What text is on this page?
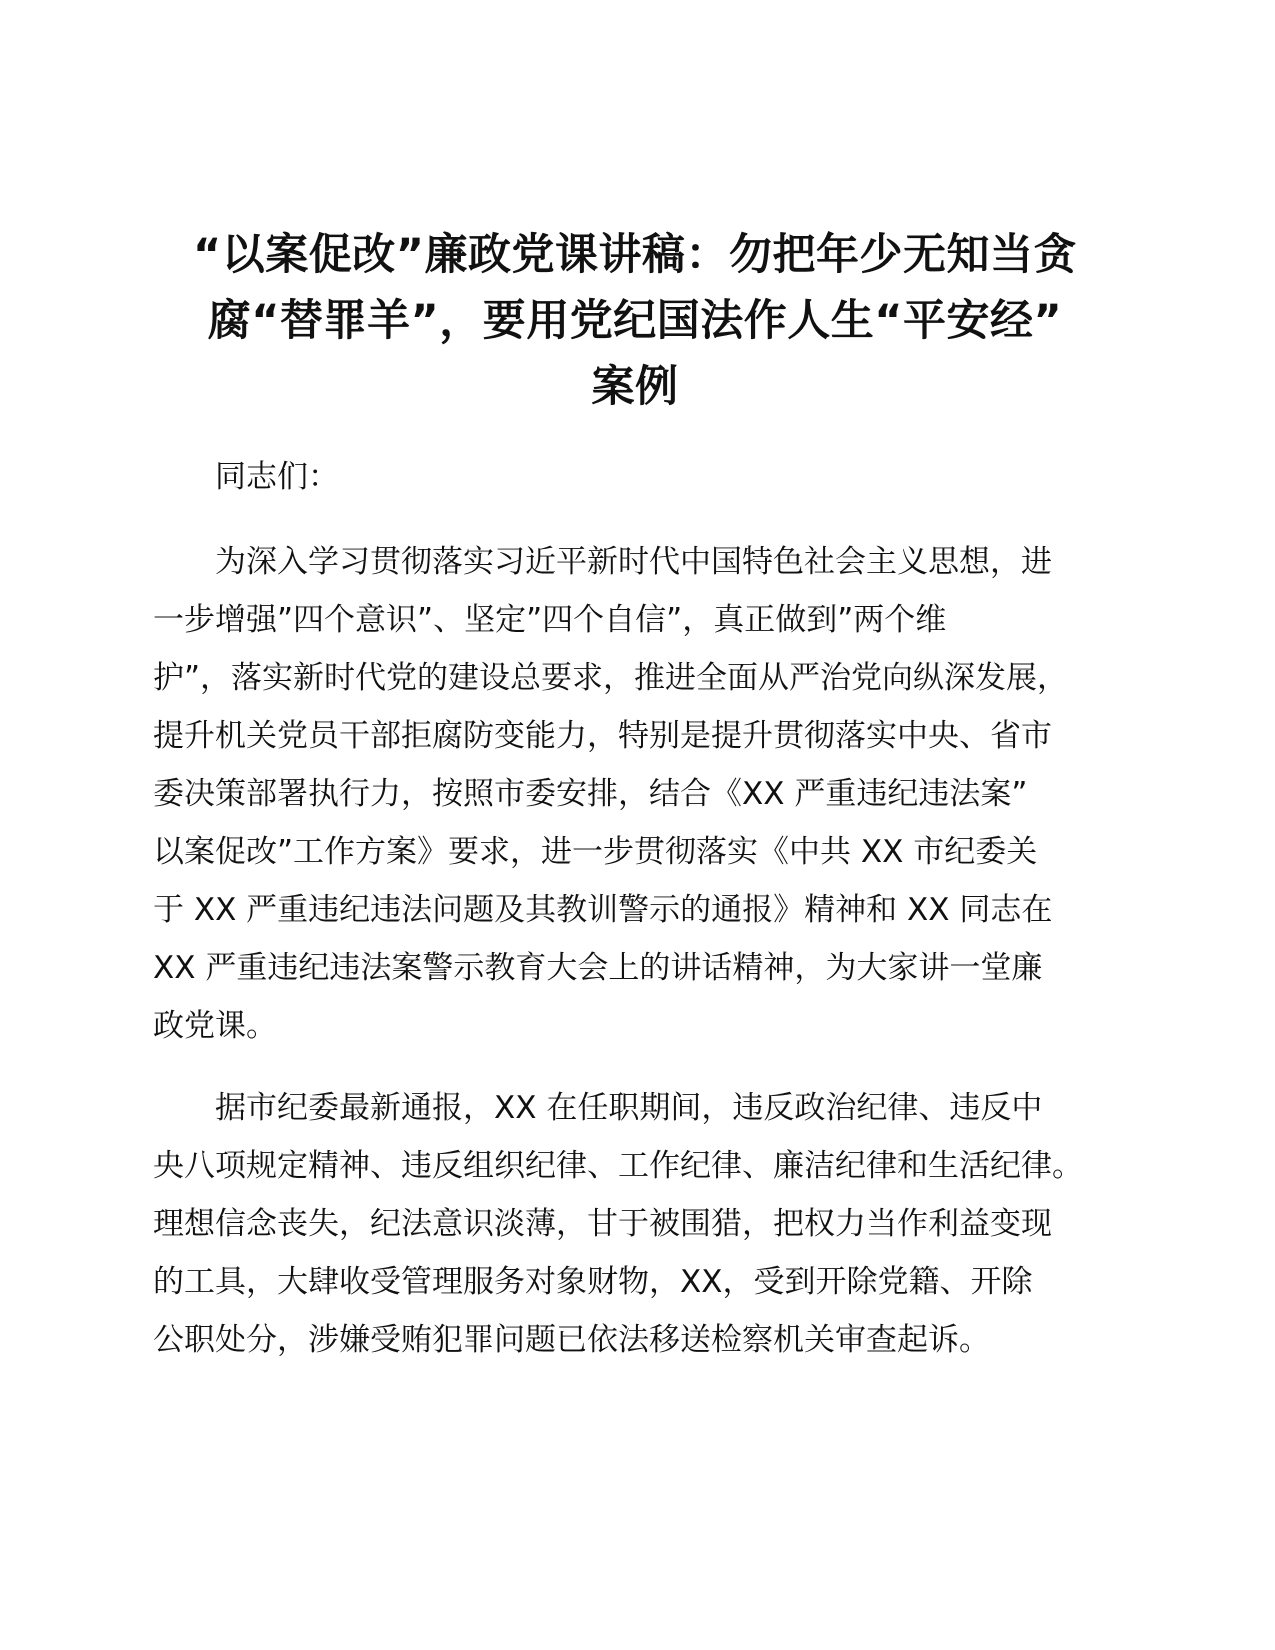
“以案促改”廉政党课讲稿：勿把年少无知当贪
腐“替罪羊”，要用党纪国法作人生“平安经”
案例

同志们：

为深入学习贯彻落实习近平新时代中国特色社会主义思想，进
一步增强”四个意识”、坚定”四个自信”，真正做到”两个维
护”，落实新时代党的建设总要求，推进全面从严治党向纵深发展，
提升机关党员干部拒腐防变能力，特别是提升贯彻落实中央、省市
委决策部署执行力，按照市委安排，结合《XX 严重违纪违法案”
以案促改”工作方案》要求，进一步贯彻落实《中共 XX 市纪委关
于 XX 严重违纪违法问题及其教训警示的通报》精神和 XX 同志在
XX 严重违纪违法案警示教育大会上的讲话精神，为大家讲一堂廉
政党课。

据市纪委最新通报，XX 在任职期间，违反政治纪律、违反中
央八项规定精神、违反组织纪律、工作纪律、廉洁纪律和生活纪律。
理想信念丧失，纪法意识淡薄，甘于被围猎，把权力当作利益变现
的工具，大肆收受管理服务对象财物，XX，受到开除党籍、开除
公职处分，涉嫌受贿犯罪问题已依法移送检察机关审查起诉。
